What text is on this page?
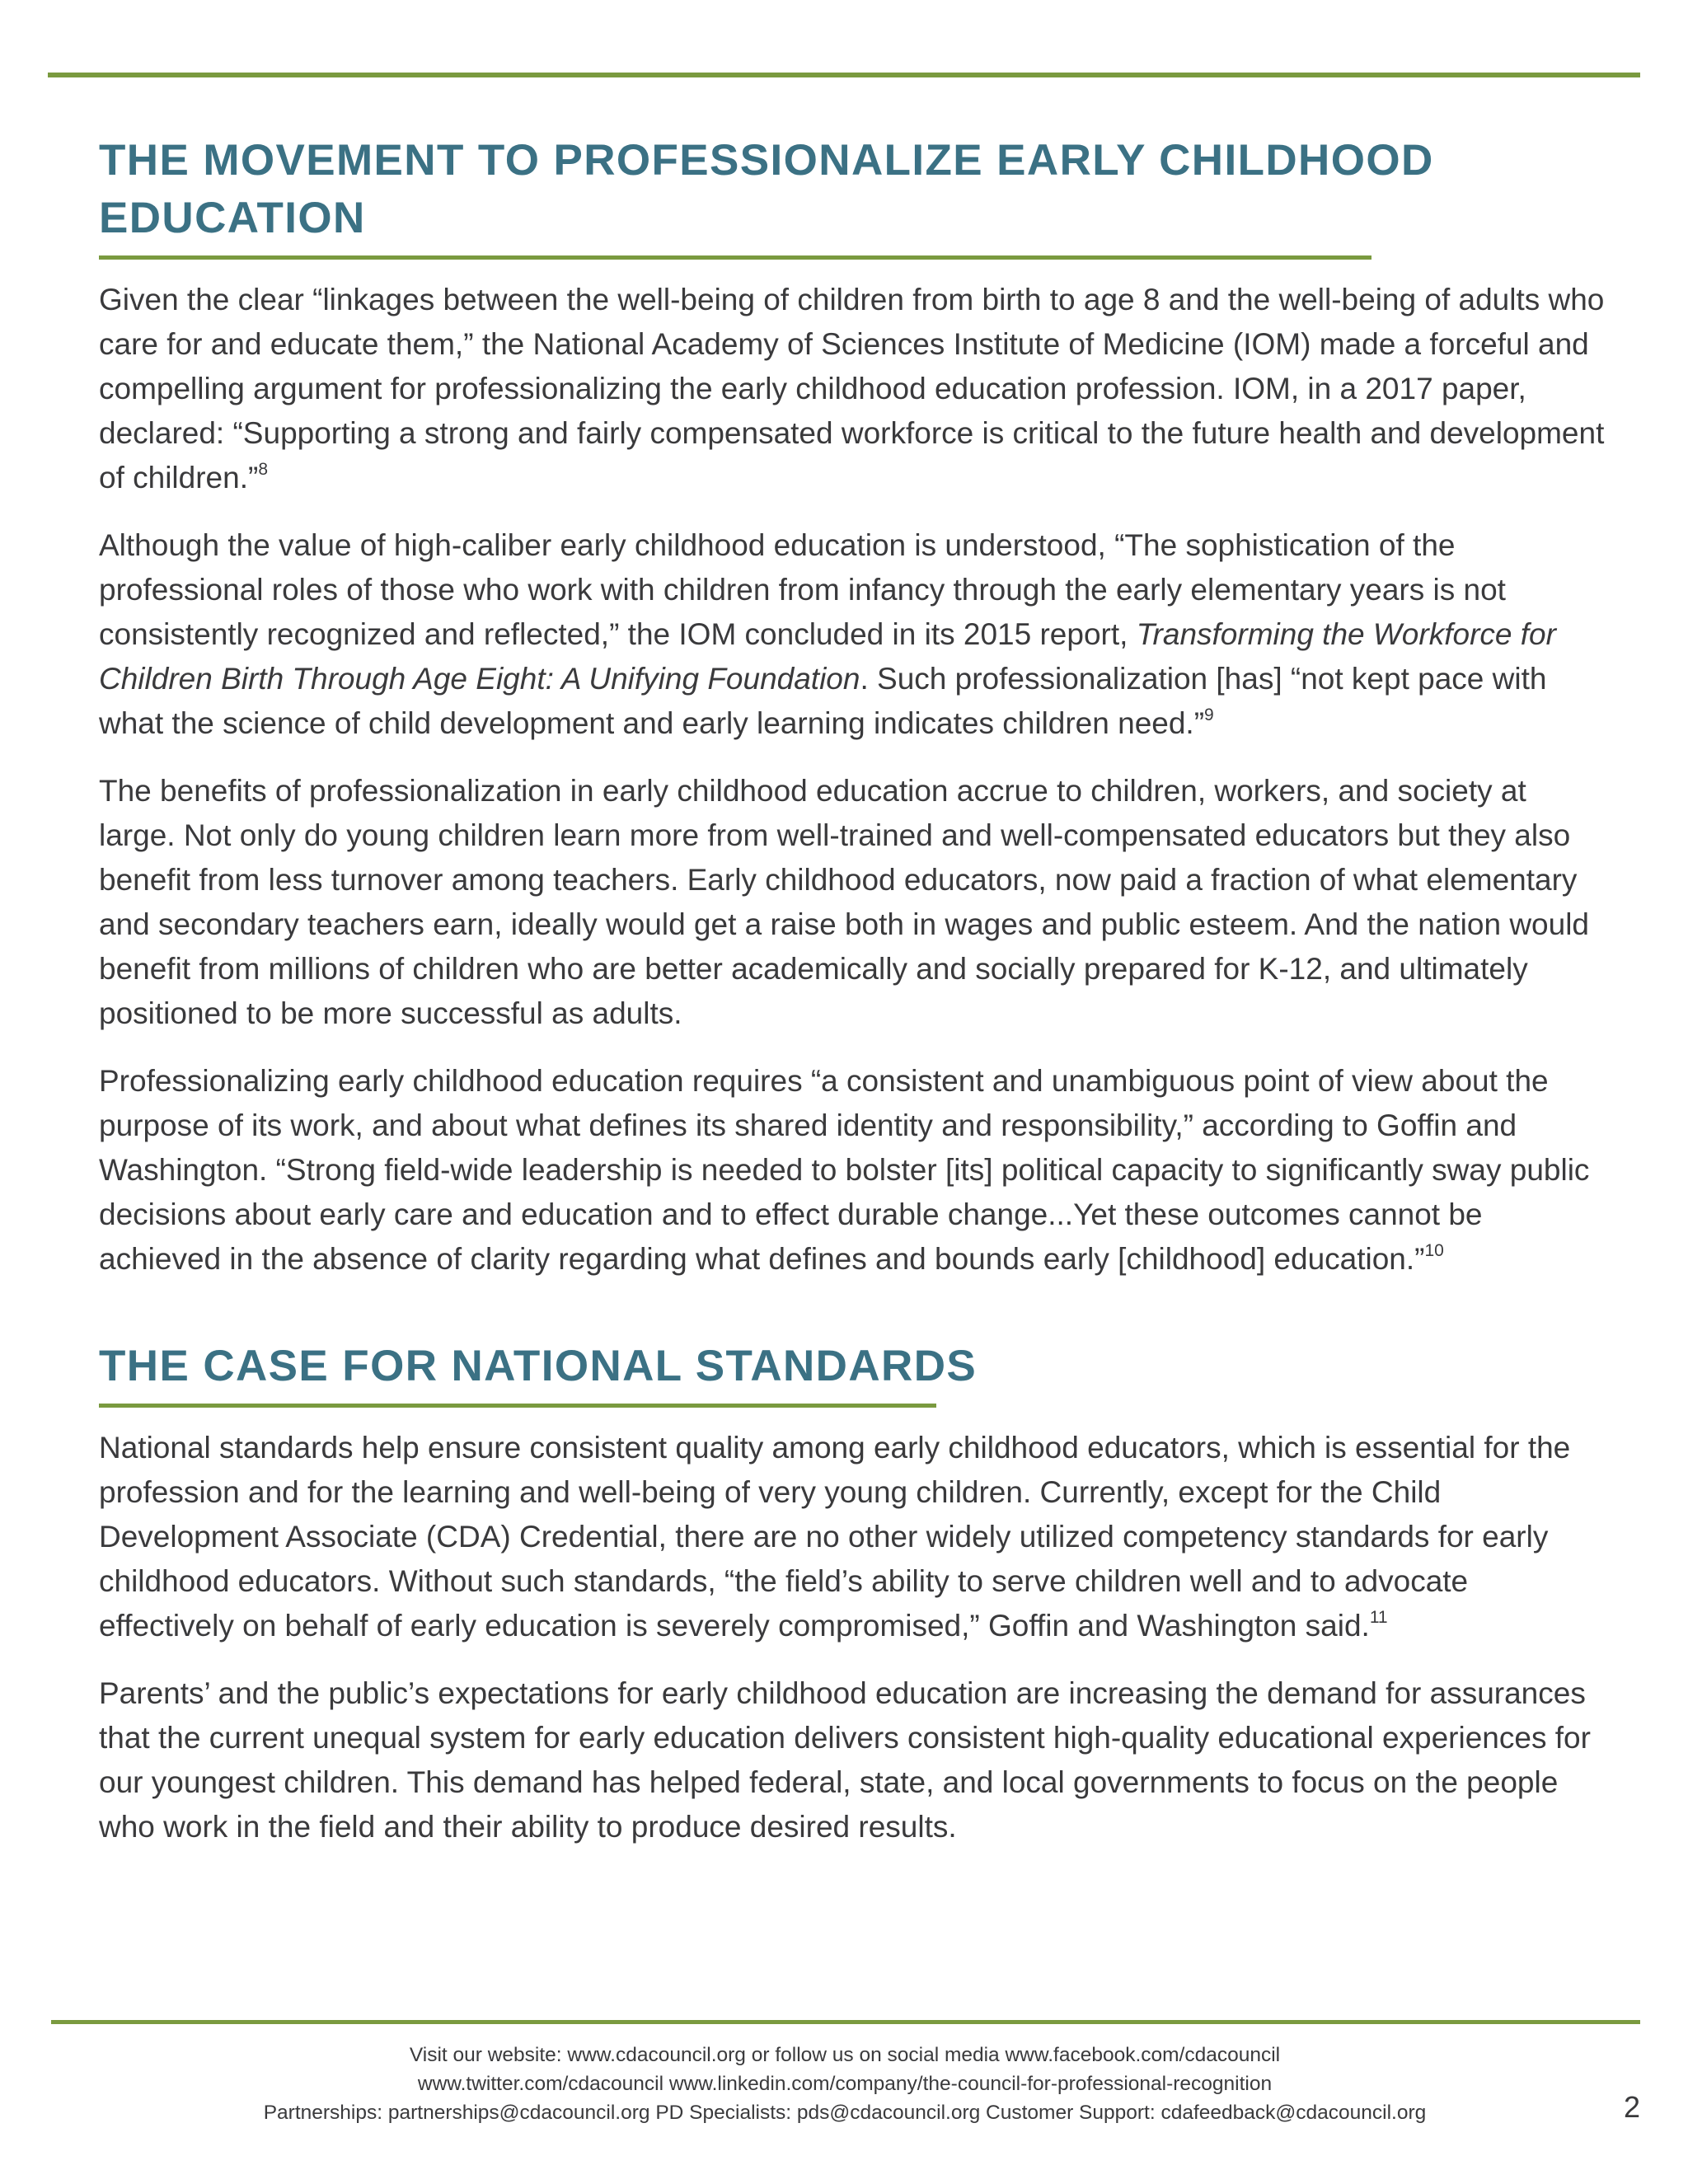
THE MOVEMENT TO PROFESSIONALIZE EARLY CHILDHOOD EDUCATION

Given the clear “linkages between the well-being of children from birth to age 8 and the well-being of adults who care for and educate them,” the National Academy of Sciences Institute of Medicine (IOM) made a forceful and compelling argument for professionalizing the early childhood education profession. IOM, in a 2017 paper, declared: “Supporting a strong and fairly compensated workforce is critical to the future health and development of children.”$^8$

Although the value of high-caliber early childhood education is understood, “The sophistication of the professional roles of those who work with children from infancy through the early elementary years is not consistently recognized and reflected,” the IOM concluded in its 2015 report, Transforming the Workforce for Children Birth Through Age Eight: A Unifying Foundation. Such professionalization [has] “not kept pace with what the science of child development and early learning indicates children need.”$^9$

The benefits of professionalization in early childhood education accrue to children, workers, and society at large. Not only do young children learn more from well-trained and well-compensated educators but they also benefit from less turnover among teachers. Early childhood educators, now paid a fraction of what elementary and secondary teachers earn, ideally would get a raise both in wages and public esteem. And the nation would benefit from millions of children who are better academically and socially prepared for K-12, and ultimately positioned to be more successful as adults.

Professionalizing early childhood education requires “a consistent and unambiguous point of view about the purpose of its work, and about what defines its shared identity and responsibility,” according to Goffin and Washington. “Strong field-wide leadership is needed to bolster [its] political capacity to significantly sway public decisions about early care and education and to effect durable change...Yet these outcomes cannot be achieved in the absence of clarity regarding what defines and bounds early [childhood] education.”$^{10}$

THE CASE FOR NATIONAL STANDARDS

National standards help ensure consistent quality among early childhood educators, which is essential for the profession and for the learning and well-being of very young children. Currently, except for the Child Development Associate (CDA) Credential, there are no other widely utilized competency standards for early childhood educators. Without such standards, “the field’s ability to serve children well and to advocate effectively on behalf of early education is severely compromised,” Goffin and Washington said.$^{11}$

Parents’ and the public’s expectations for early childhood education are increasing the demand for assurances that the current unequal system for early education delivers consistent high-quality educational experiences for our youngest children. This demand has helped federal, state, and local governments to focus on the people who work in the field and their ability to produce desired results.

Visit our website: www.cdacouncil.org or follow us on social media www.facebook.com/cdacouncil
www.twitter.com/cdacouncil www.linkedin.com/company/the-council-for-professional-recognition
Partnerships: partnerships@cdacouncil.org PD Specialists: pds@cdacouncil.org Customer Support: cdafeedback@cdacouncil.org	2
